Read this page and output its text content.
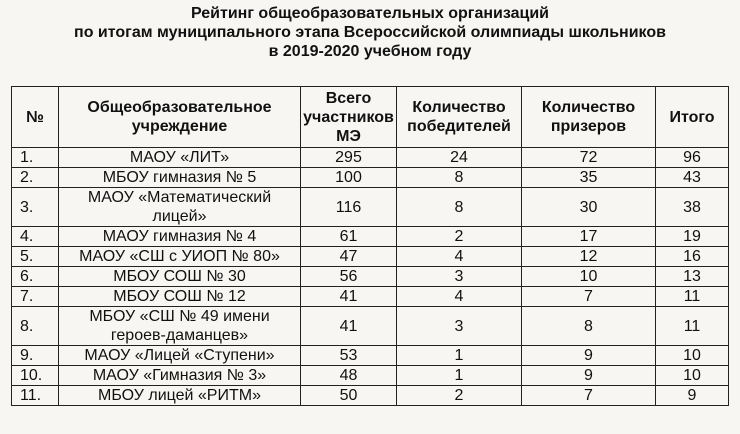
Рейтинг общеобразовательных организаций
по итогам муниципального этапа Всероссийской олимпиады школьников
в 2019-2020 учебном году
№	Общеобразовательное учреждение	Всего участников МЭ	Количество победителей	Количество призеров	Итого
1.	МАОУ «ЛИТ»	295	24	72	96
2.	МБОУ гимназия № 5	100	8	35	43
3.	МАОУ «Математический лицей»	116	8	30	38
4.	МАОУ гимназия № 4	61	2	17	19
5.	МАОУ «СШ с УИОП № 80»	47	4	12	16
6.	МБОУ СОШ № 30	56	3	10	13
7.	МБОУ СОШ № 12	41	4	7	11
8.	МБОУ «СШ № 49 имени героев-даманцев»	41	3	8	11
9.	МАОУ «Лицей «Ступени»	53	1	9	10
10.	МАОУ «Гимназия № 3»	48	1	9	10
11.	МБОУ лицей «РИТМ»	50	2	7	9
